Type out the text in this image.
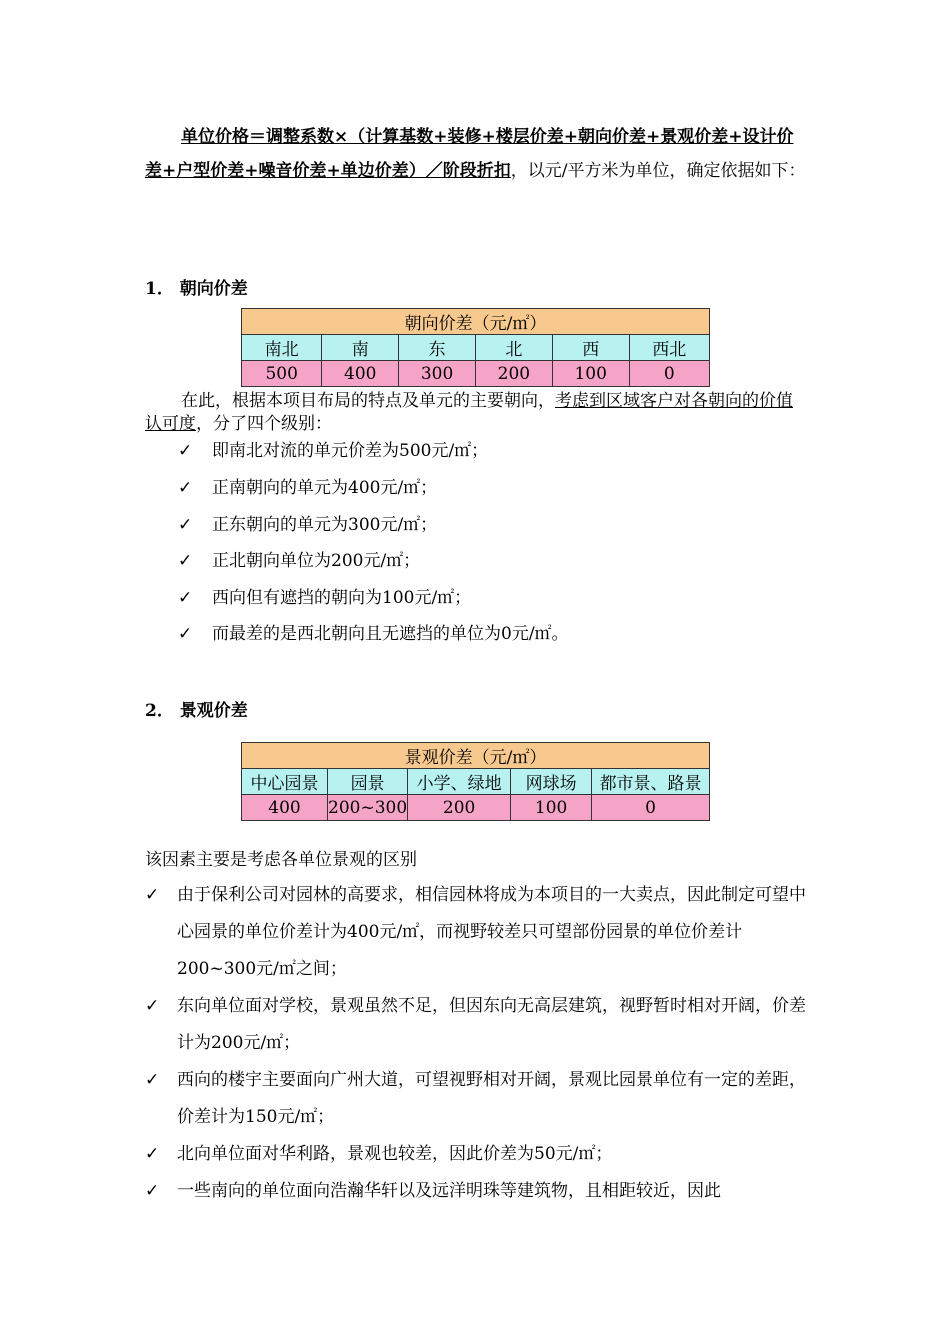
单位价格＝调整系数×（计算基数+装修+楼层价差+朝向价差+景观价差+设计价差+户型价差+噪音价差+单边价差）／阶段折扣，以元/平方米为单位，确定依据如下：
1． 朝向价差
朝向价差（元/㎡）					
南北	南	东	北	西	西北
500	400	300	200	100	0
在此，根据本项目布局的特点及单元的主要朝向，考虑到区域客户对各朝向的价值认可度，分了四个级别：
✓ 即南北对流的单元价差为500元/㎡；
✓ 正南朝向的单元为400元/㎡；
✓ 正东朝向的单元为300元/㎡；
✓ 正北朝向单位为200元/㎡；
✓ 西向但有遮挡的朝向为100元/㎡；
✓ 而最差的是西北朝向且无遮挡的单位为0元/㎡。
2． 景观价差
景观价差（元/㎡）				
中心园景	园景	小学、绿地	网球场	都市景、路景
400	200~300	200	100	0
该因素主要是考虑各单位景观的区别
✓ 由于保利公司对园林的高要求，相信园林将成为本项目的一大卖点，因此制定可望中心园景的单位价差计为400元/㎡，而视野较差只可望部份园景的单位价差计200~300元/㎡之间；
✓ 东向单位面对学校，景观虽然不足，但因东向无高层建筑，视野暂时相对开阔，价差计为200元/㎡；
✓ 西向的楼宇主要面向广州大道，可望视野相对开阔，景观比园景单位有一定的差距，价差计为150元/㎡；
✓ 北向单位面对华利路，景观也较差，因此价差为50元/㎡；
✓ 一些南向的单位面向浩瀚华轩以及远洋明珠等建筑物，且相距较近，因此
